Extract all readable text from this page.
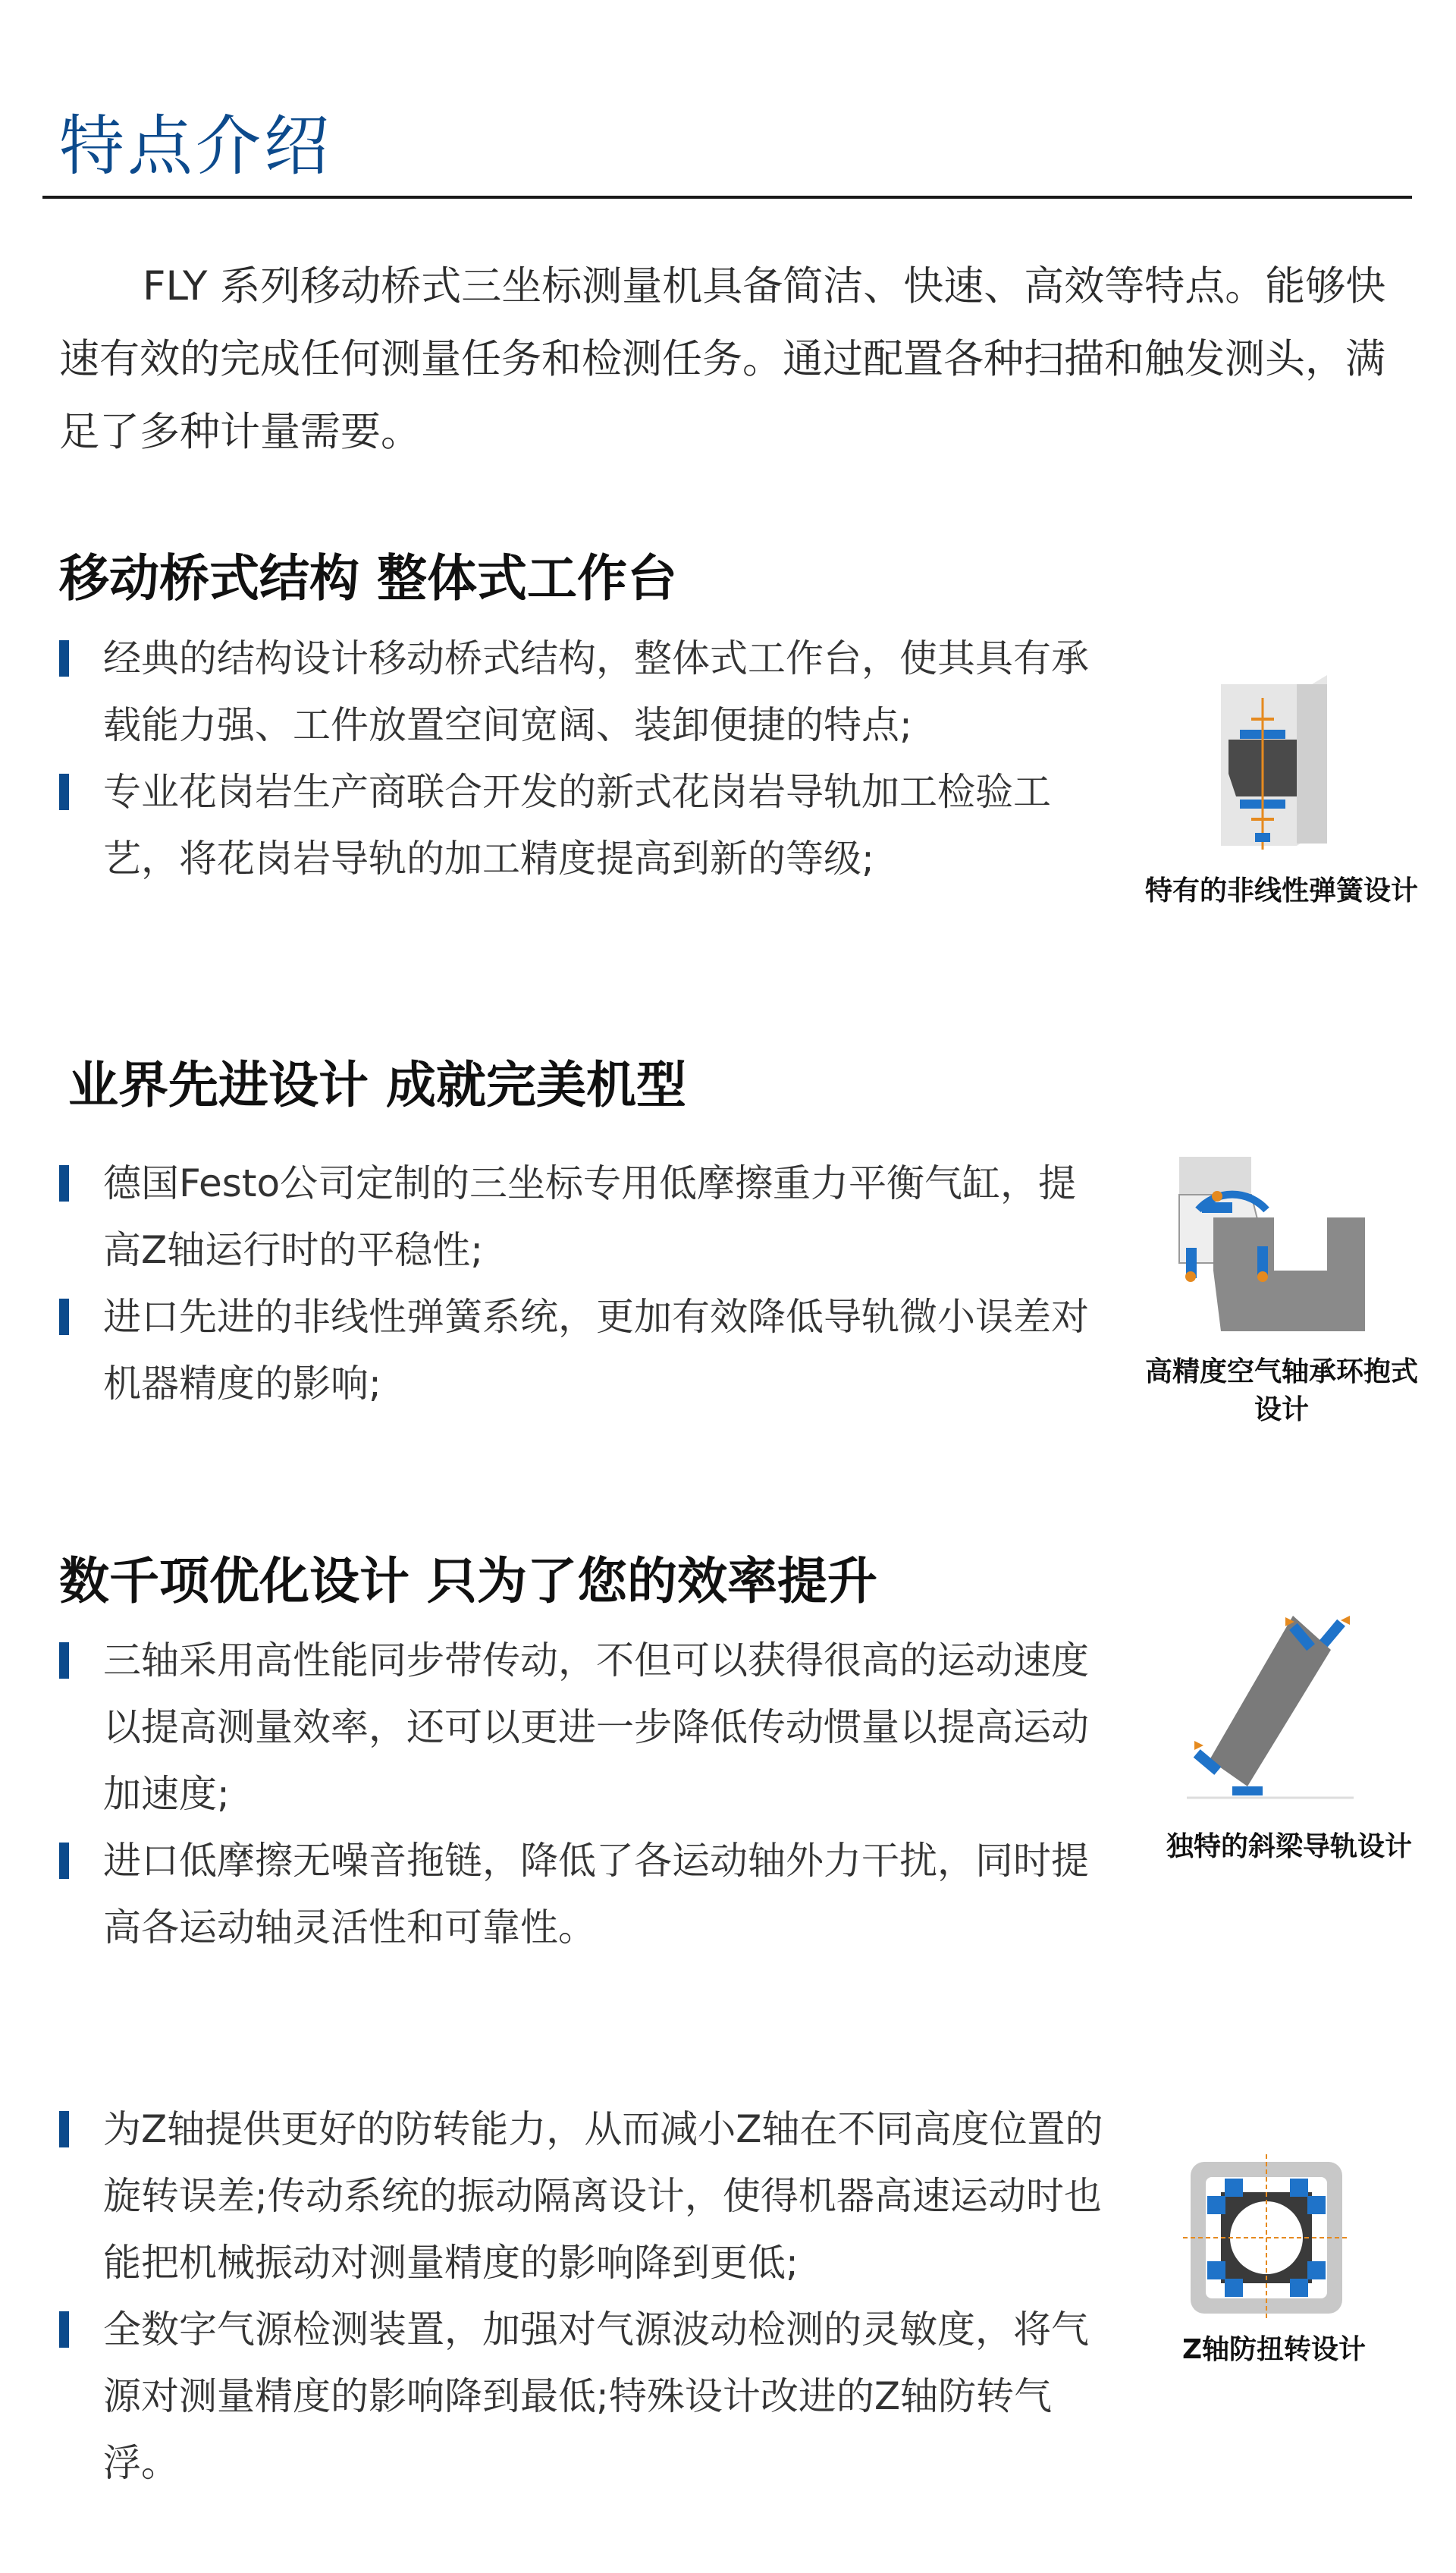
特点介绍

FLY 系列移动桥式三坐标测量机具备简洁、快速、高效等特点。能够快速有效的完成任何测量任务和检测任务。通过配置各种扫描和触发测头，满足了多种计量需要。

移动桥式结构 整体式工作台
经典的结构设计移动桥式结构，整体式工作台，使其具有承载能力强、工件放置空间宽阔、装卸便捷的特点;
专业花岗岩生产商联合开发的新式花岗岩导轨加工检验工艺，将花岗岩导轨的加工精度提高到新的等级;
特有的非线性弹簧设计
业界先进设计 成就完美机型
德国Festo公司定制的三坐标专用低摩擦重力平衡气缸，提高Z轴运行时的平稳性;
进口先进的非线性弹簧系统，更加有效降低导轨微小误差对机器精度的影响;	高精度空气轴承环抱式设计
数千项优化设计 只为了您的效率提升
三轴采用高性能同步带传动，不但可以获得很高的运动速度以提高测量效率，还可以更进一步降低传动惯量以提高运动加速度;
进口低摩擦无噪音拖链，降低了各运动轴外力干扰，同时提高各运动轴灵活性和可靠性。
独特的斜梁导轨设计
为Z轴提供更好的防转能力，从而减小Z轴在不同高度位置的旋转误差;传动系统的振动隔离设计，使得机器高速运动时也能把机械振动对测量精度的影响降到更低;
全数字气源检测装置，加强对气源波动检测的灵敏度，将气源对测量精度的影响降到最低;特殊设计改进的Z轴防转气浮。
Z轴防扭转设计
